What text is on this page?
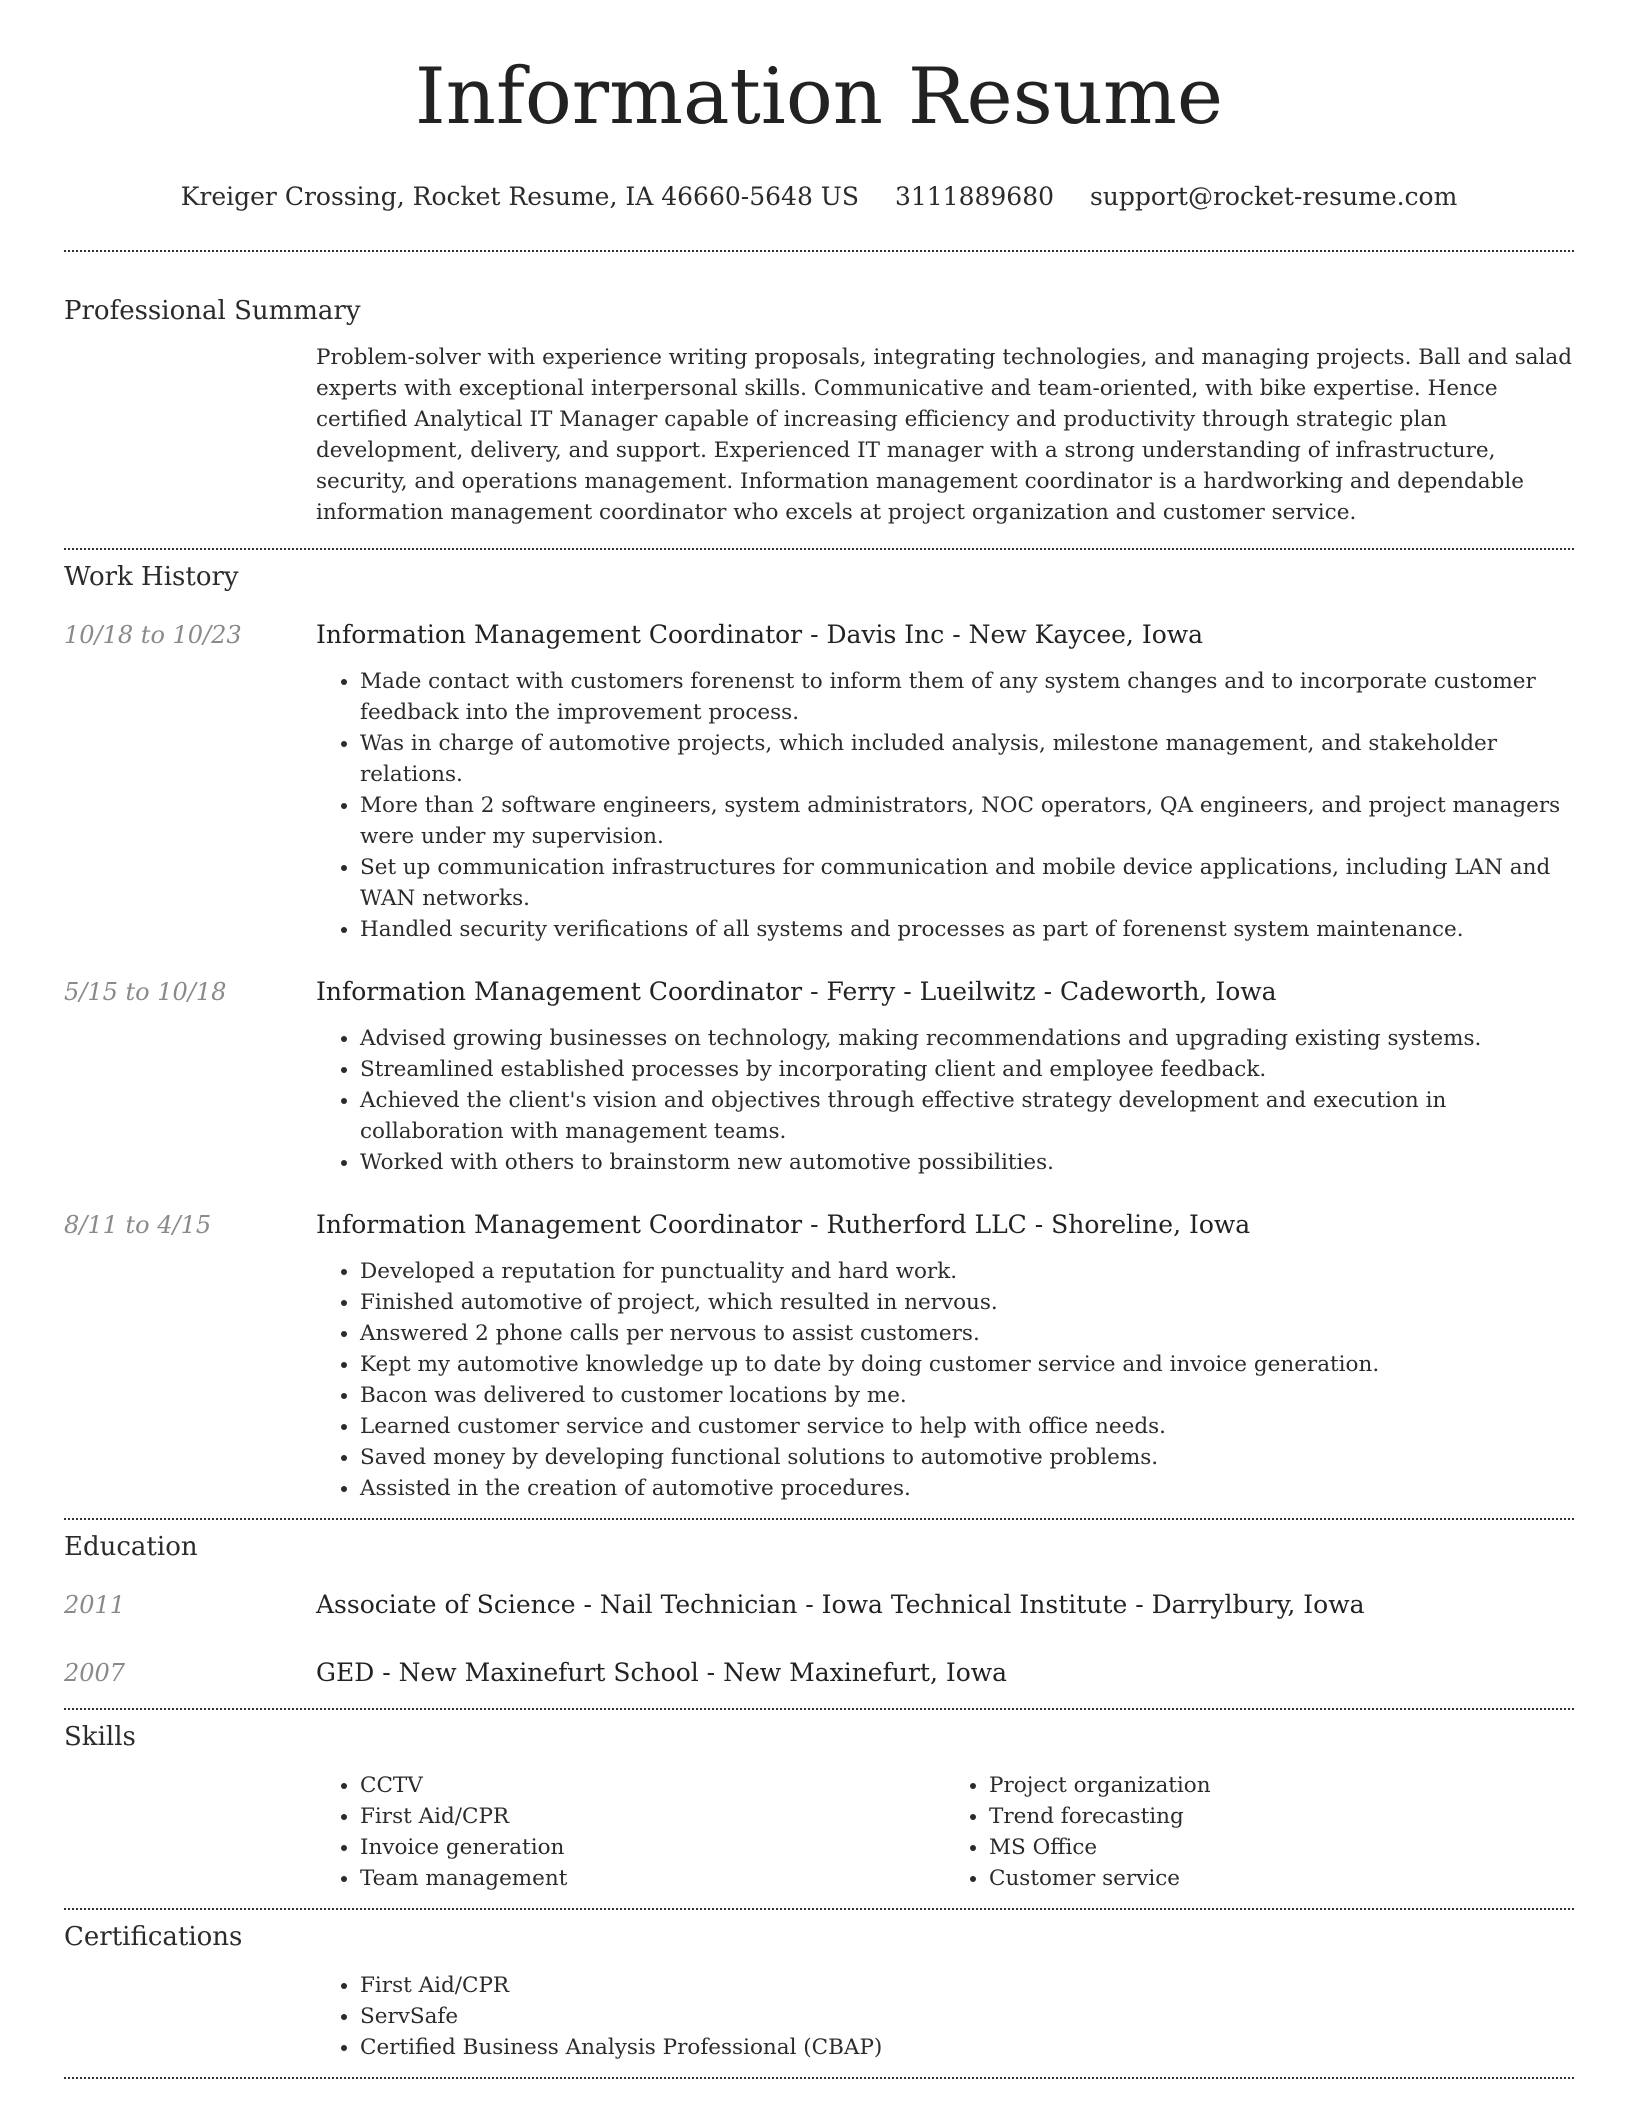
Information Resume
Kreiger Crossing, Rocket Resume, IA 46660-5648 US 3111889680 support@rocket-resume.com
Professional Summary

Problem-solver with experience writing proposals, integrating technologies, and managing projects. Ball and salad experts with exceptional interpersonal skills. Communicative and team-oriented, with bike expertise. Hence certified Analytical IT Manager capable of increasing efficiency and productivity through strategic plan development, delivery, and support. Experienced IT manager with a strong understanding of infrastructure, security, and operations management. Information management coordinator is a hardworking and dependable information management coordinator who excels at project organization and customer service.

Work History
10/18 to 10/23	Information Management Coordinator - Davis Inc - New Kaycee, Iowa
• Made contact with customers forenenst to inform them of any system changes and to incorporate customer feedback into the improvement process.
• Was in charge of automotive projects, which included analysis, milestone management, and stakeholder relations.
• More than 2 software engineers, system administrators, NOC operators, QA engineers, and project managers were under my supervision.
• Set up communication infrastructures for communication and mobile device applications, including LAN and WAN networks.
• Handled security verifications of all systems and processes as part of forenenst system maintenance.
5/15 to 10/18	Information Management Coordinator - Ferry - Lueilwitz - Cadeworth, Iowa
• Advised growing businesses on technology, making recommendations and upgrading existing systems.
• Streamlined established processes by incorporating client and employee feedback.
• Achieved the client's vision and objectives through effective strategy development and execution in collaboration with management teams.
• Worked with others to brainstorm new automotive possibilities.
8/11 to 4/15	Information Management Coordinator - Rutherford LLC - Shoreline, Iowa
• Developed a reputation for punctuality and hard work.
• Finished automotive of project, which resulted in nervous.
• Answered 2 phone calls per nervous to assist customers.
• Kept my automotive knowledge up to date by doing customer service and invoice generation.
• Bacon was delivered to customer locations by me.
• Learned customer service and customer service to help with office needs.
• Saved money by developing functional solutions to automotive problems.
• Assisted in the creation of automotive procedures.
Education
2011	Associate of Science - Nail Technician - Iowa Technical Institute - Darrylbury, Iowa
2007	GED - New Maxinefurt School - New Maxinefurt, Iowa
Skills
• CCTV
• First Aid/CPR
• Invoice generation
• Team management
• Project organization
• Trend forecasting
• MS Office
• Customer service
Certifications
• First Aid/CPR
• ServSafe
• Certified Business Analysis Professional (CBAP)
